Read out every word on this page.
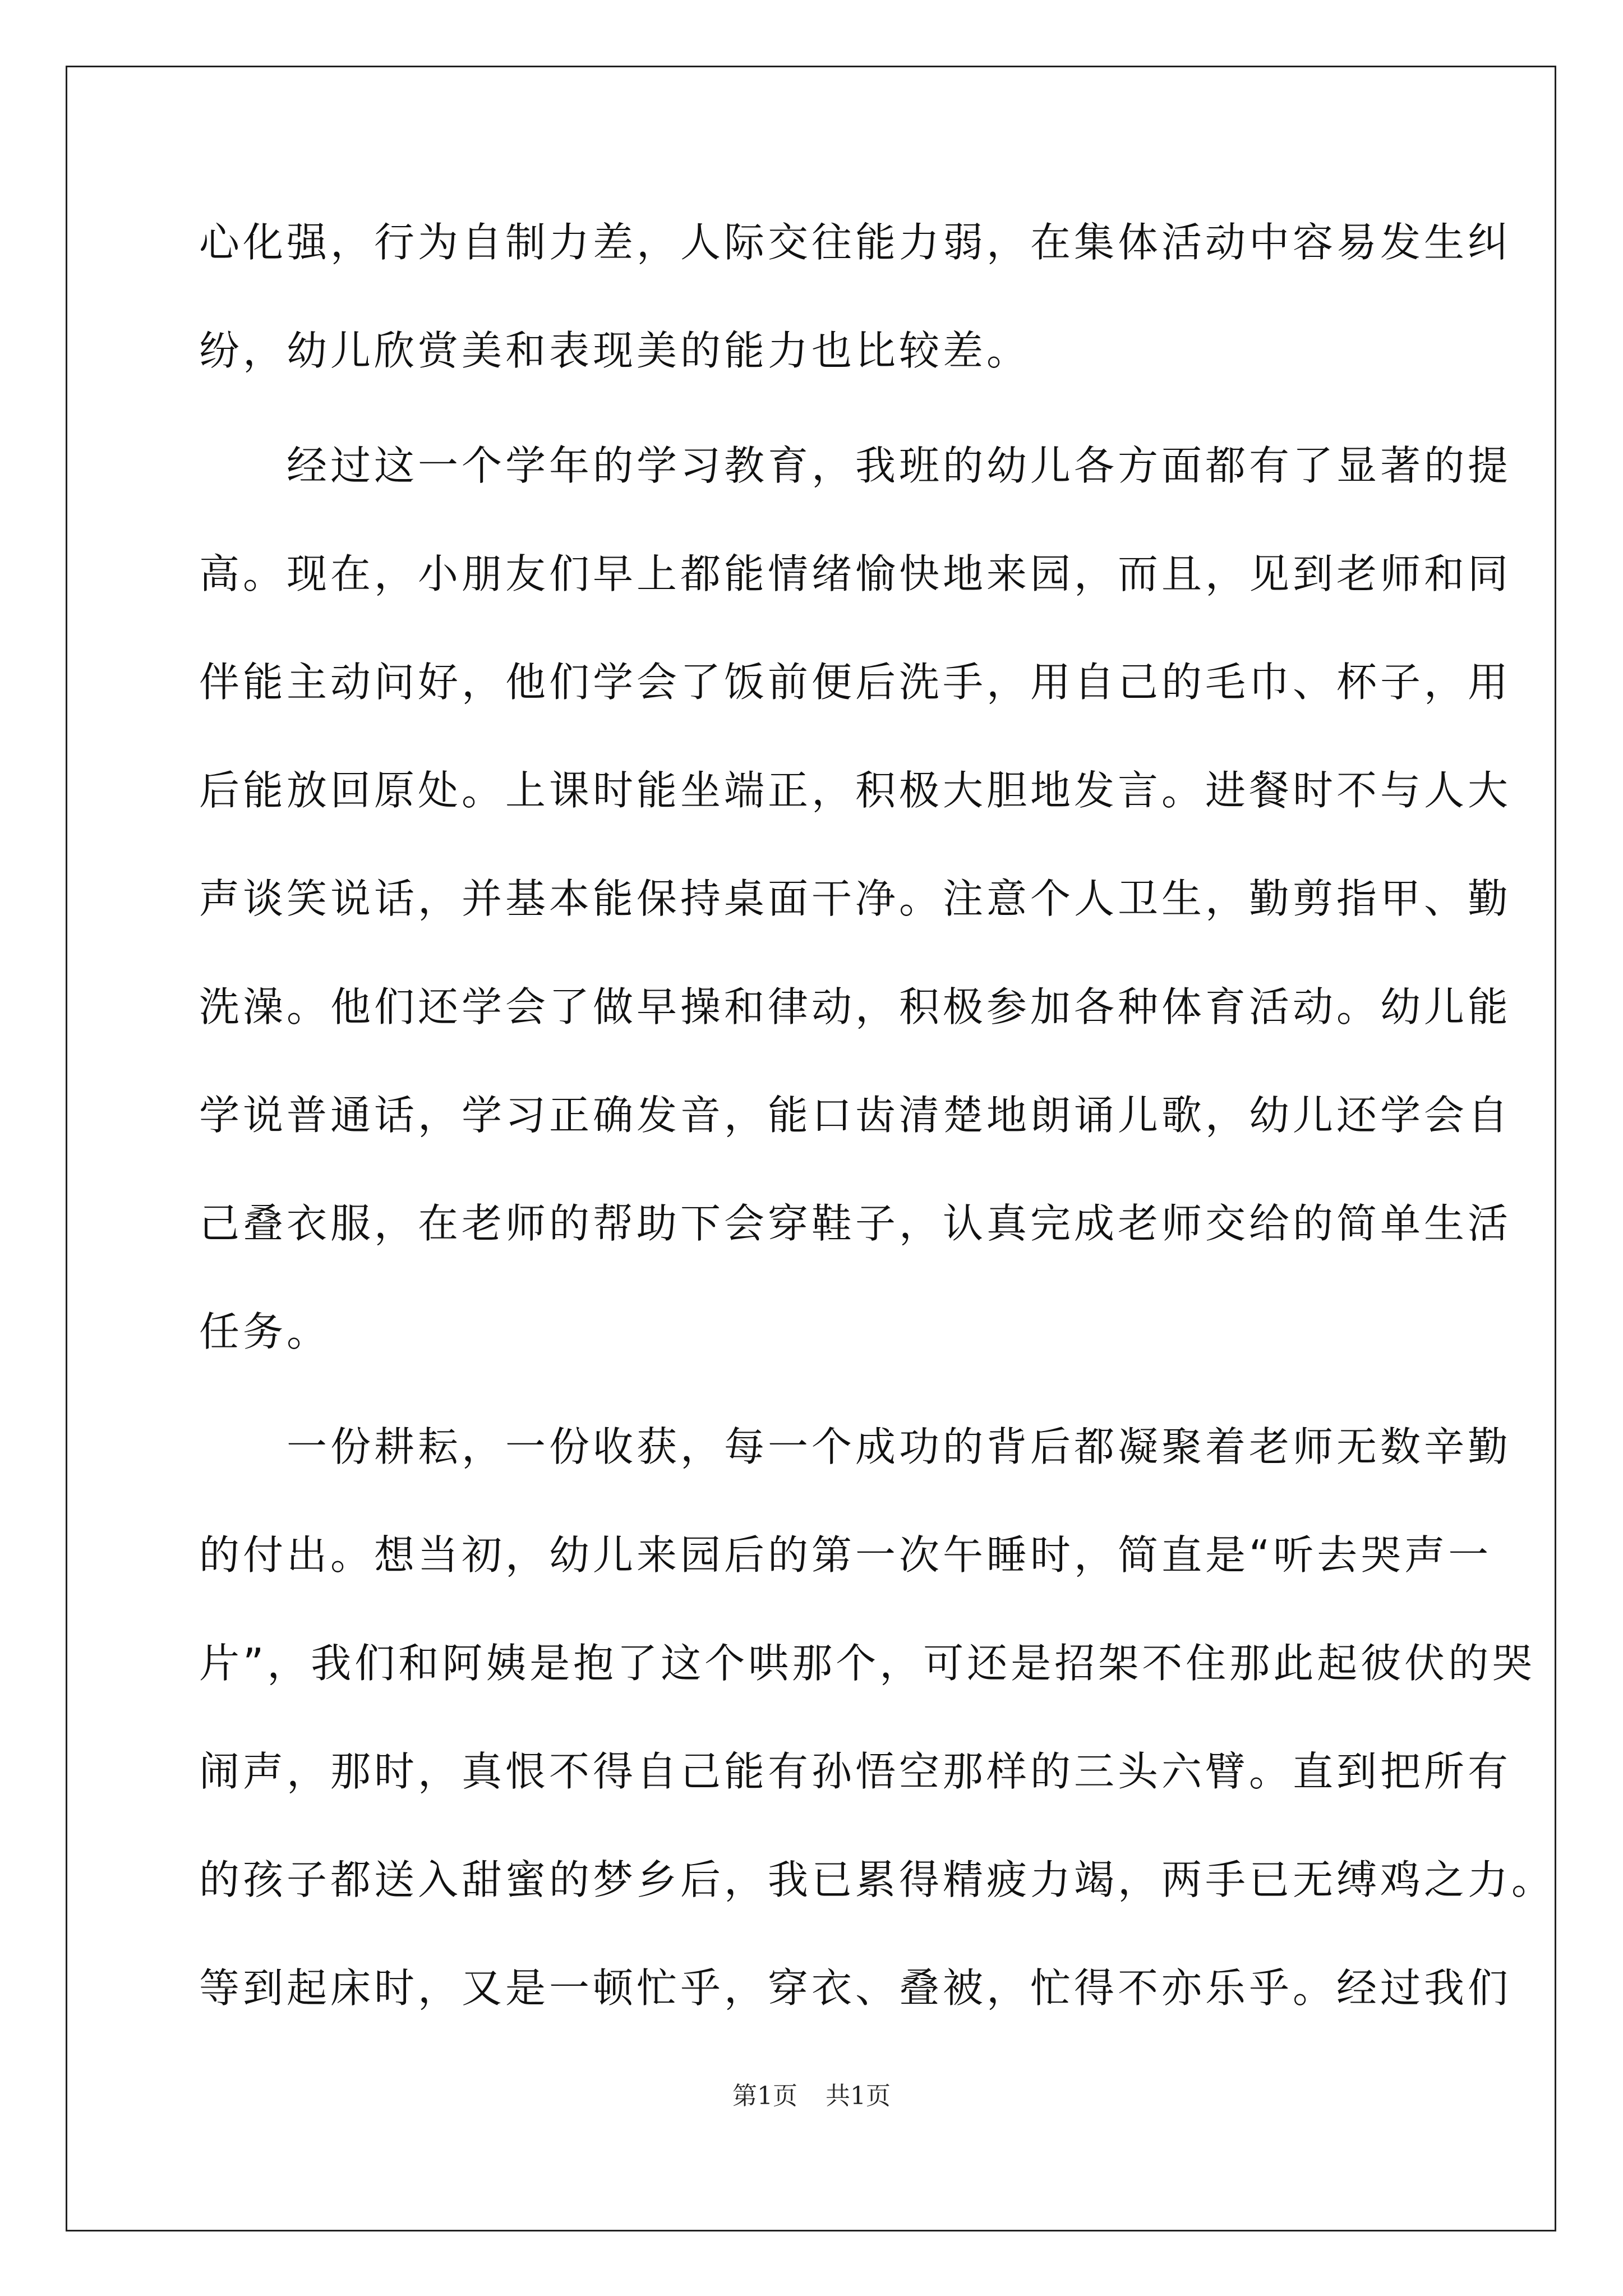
心化强，行为自制力差，人际交往能力弱，在集体活动中容易发生纠
纷，幼儿欣赏美和表现美的能力也比较差。
　　经过这一个学年的学习教育，我班的幼儿各方面都有了显著的提
高。现在，小朋友们早上都能情绪愉快地来园，而且，见到老师和同
伴能主动问好，他们学会了饭前便后洗手，用自己的毛巾、杯子，用
后能放回原处。上课时能坐端正，积极大胆地发言。进餐时不与人大
声谈笑说话，并基本能保持桌面干净。注意个人卫生，勤剪指甲、勤
洗澡。他们还学会了做早操和律动，积极参加各种体育活动。幼儿能
学说普通话，学习正确发音，能口齿清楚地朗诵儿歌，幼儿还学会自
己叠衣服，在老师的帮助下会穿鞋子，认真完成老师交给的简单生活
任务。
　　一份耕耘，一份收获，每一个成功的背后都凝聚着老师无数辛勤
的付出。想当初，幼儿来园后的第一次午睡时，简直是“听去哭声一
片”，我们和阿姨是抱了这个哄那个，可还是招架不住那此起彼伏的哭
闹声，那时，真恨不得自己能有孙悟空那样的三头六臂。直到把所有
的孩子都送入甜蜜的梦乡后，我已累得精疲力竭，两手已无缚鸡之力。
等到起床时，又是一顿忙乎，穿衣、叠被，忙得不亦乐乎。经过我们
第1页 共1页
